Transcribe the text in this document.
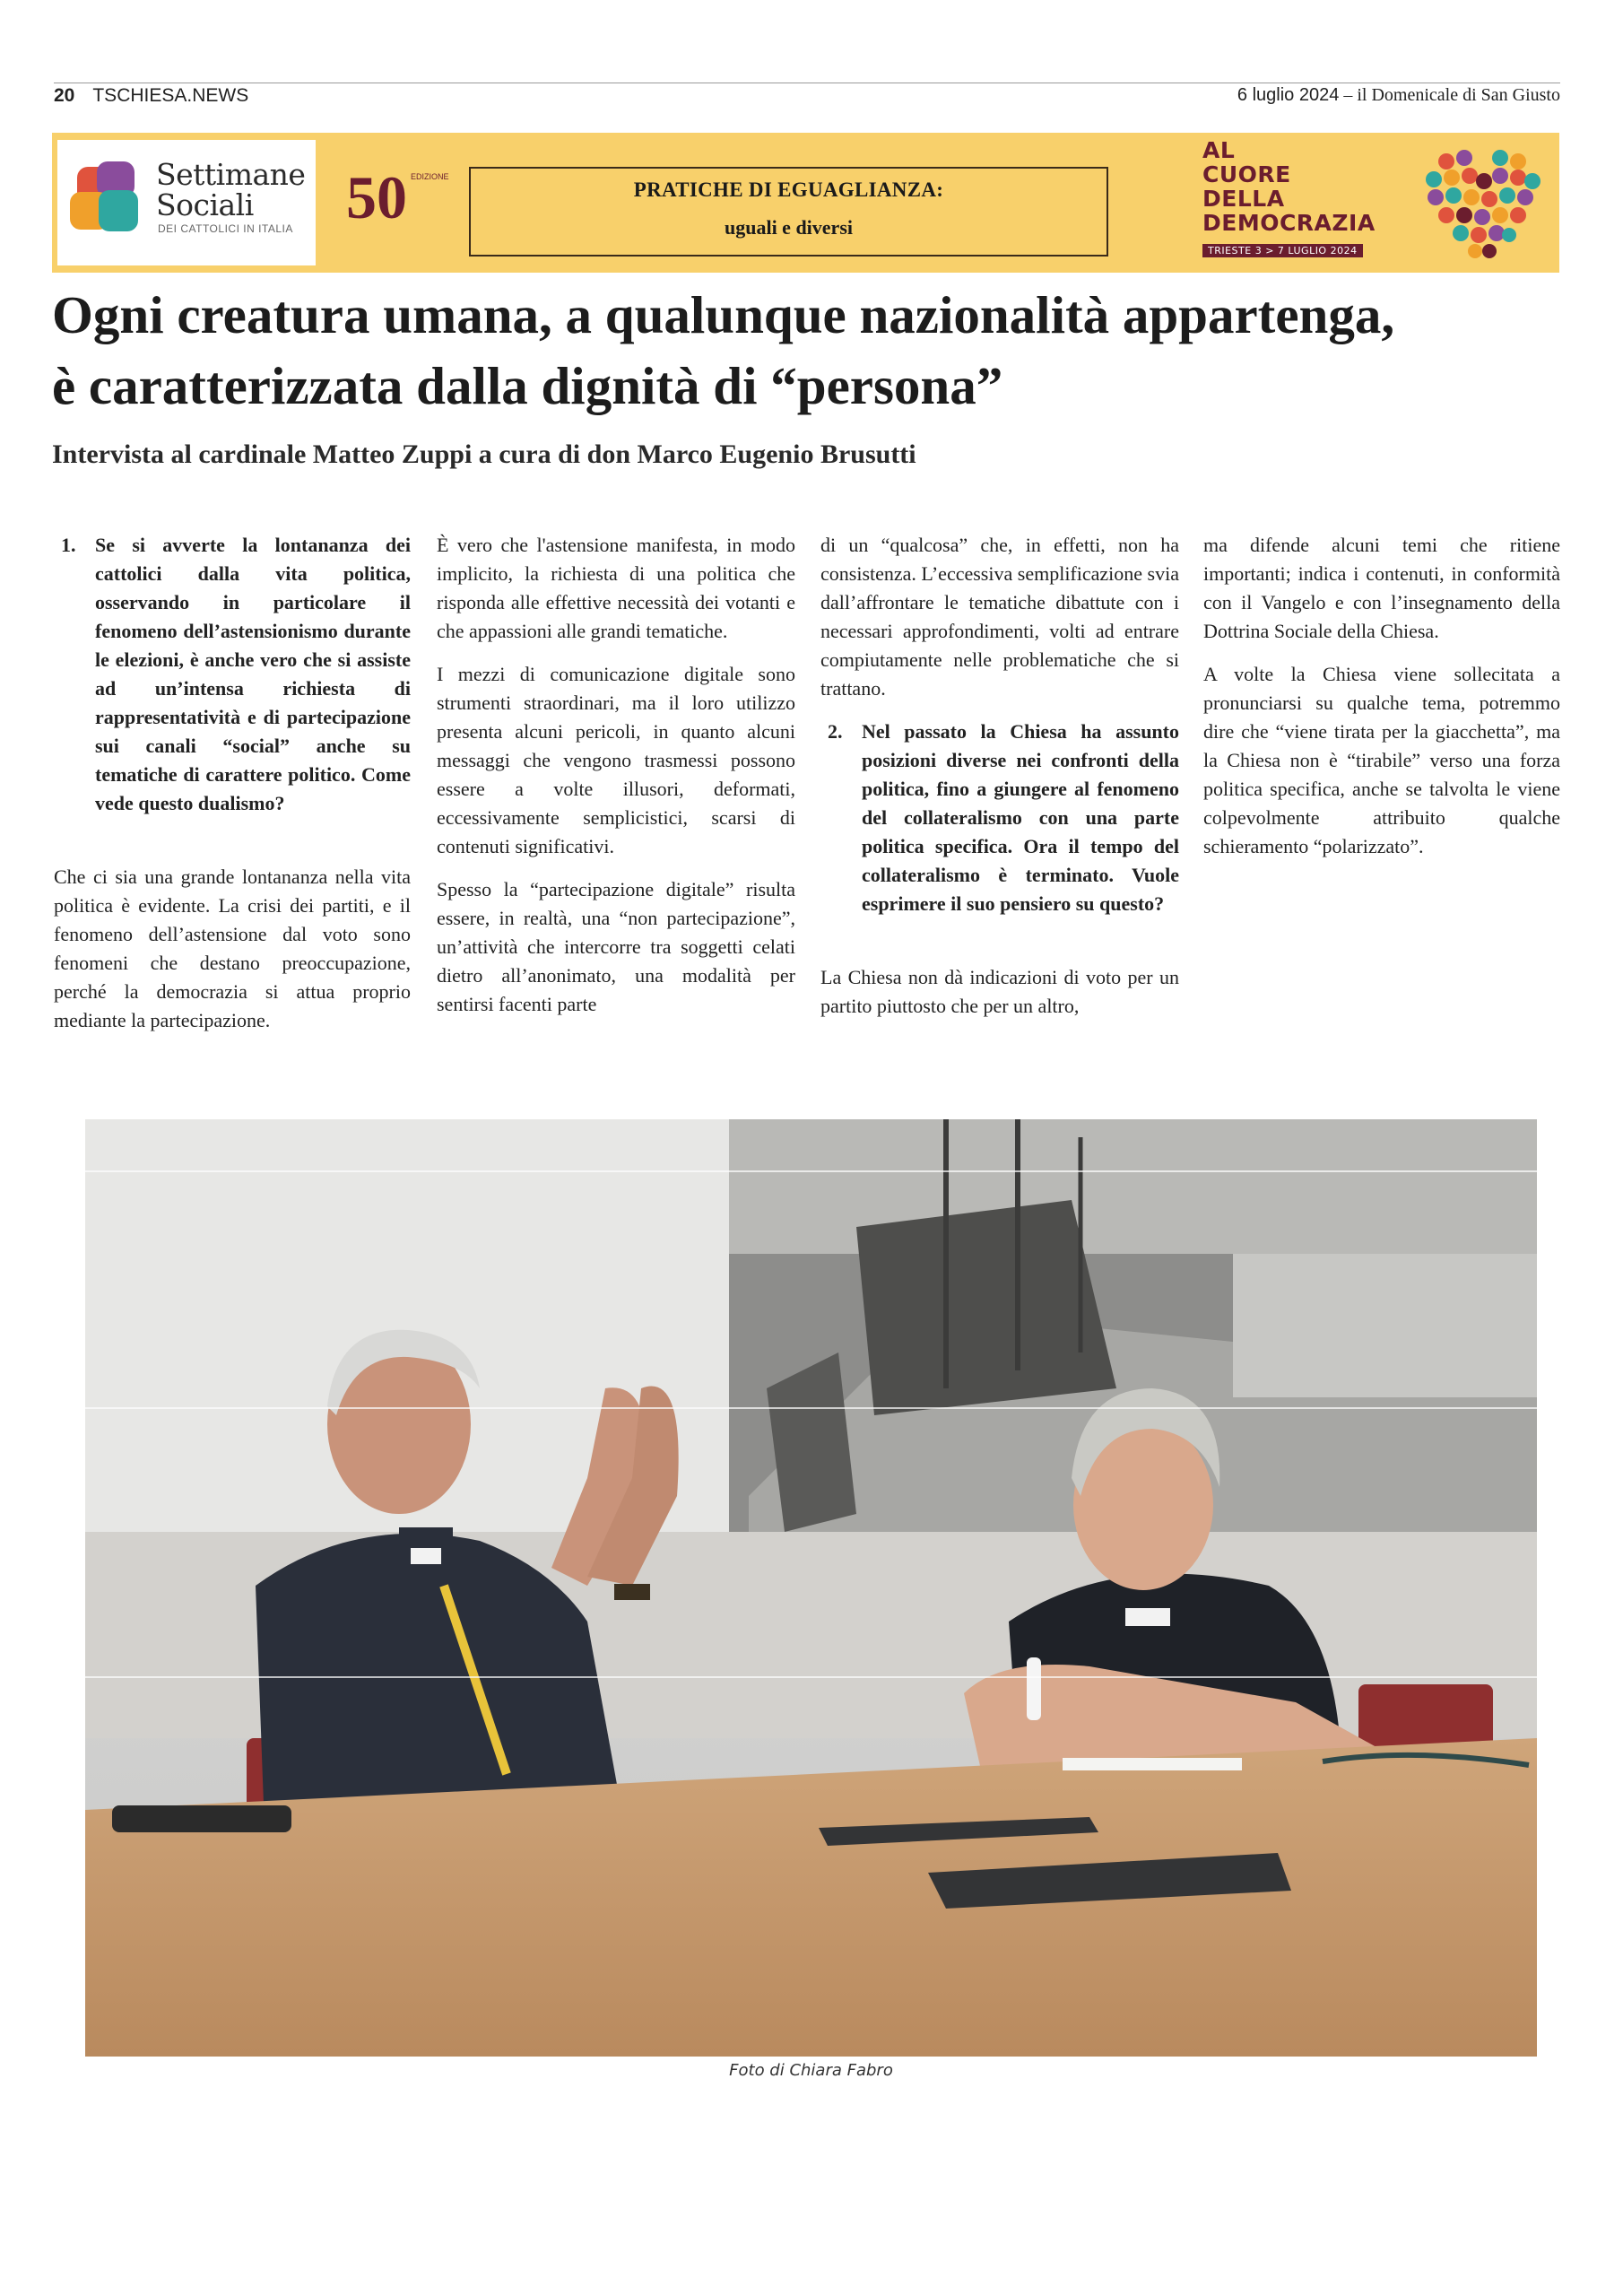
20 TSCHIESA.NEWS	6 luglio 2024 – il Domenicale di San Giusto
Settimane
Sociali
DEI CATTOLICI IN ITALIA 50 EDIZIONE
PRATICHE DI EGUAGLIANZA:
uguali e diversi
AL
CUORE
DELLA
DEMOCRAZIA
TRIESTE 3 > 7 LUGLIO 2024
Ogni creatura umana, a qualunque nazionalità appartenga,
è caratterizzata dalla dignità di “persona”
Intervista al cardinale Matteo Zuppi a cura di don Marco Eugenio Brusutti
1. Se si avverte la lontananza dei cattolici dalla vita politica, osservando in particolare il fenomeno dell’astensionismo durante le elezioni, è anche vero che si assiste ad un’intensa richiesta di rappresentatività e di partecipazione sui canali “social” anche su tematiche di carattere politico. Come vede questo dualismo?

Che ci sia una grande lontananza nella vita politica è evidente. La crisi dei partiti, e il fenomeno dell’astensione dal voto sono fenomeni che destano preoccupazione, perché la democrazia si attua proprio mediante la partecipazione.

È vero che l'astensione manifesta, in modo implicito, la richiesta di una politica che risponda alle effettive necessità dei votanti e che appassioni alle grandi tematiche.

I mezzi di comunicazione digitale sono strumenti straordinari, ma il loro utilizzo presenta alcuni pericoli, in quanto alcuni messaggi che vengono trasmessi possono essere a volte illusori, deformati, eccessivamente semplicistici, scarsi di contenuti significativi.

Spesso la “partecipazione digitale” risulta essere, in realtà, una “non partecipazione”, un’attività che intercorre tra soggetti celati dietro all’anonimato, una modalità per sentirsi facenti parte

di un “qualcosa” che, in effetti, non ha consistenza. L’eccessiva semplificazione svia dall’affrontare le tematiche dibattute con i necessari approfondimenti, volti ad entrare compiutamente nelle problematiche che si trattano.

2. Nel passato la Chiesa ha assunto posizioni diverse nei confronti della politica, fino a giungere al fenomeno del collateralismo con una parte politica specifica. Ora il tempo del collateralismo è terminato. Vuole esprimere il suo pensiero su questo?

La Chiesa non dà indicazioni di voto per un partito piuttosto che per un altro,

ma difende alcuni temi che ritiene importanti; indica i contenuti, in conformità con il Vangelo e con l’insegnamento della Dottrina Sociale della Chiesa.

A volte la Chiesa viene sollecitata a pronunciarsi su qualche tema, potremmo dire che “viene tirata per la giacchetta”, ma la Chiesa non è “tirabile” verso una forza politica specifica, anche se talvolta le viene colpevolmente attribuito qualche schieramento “polarizzato”.

Foto di Chiara Fabro
